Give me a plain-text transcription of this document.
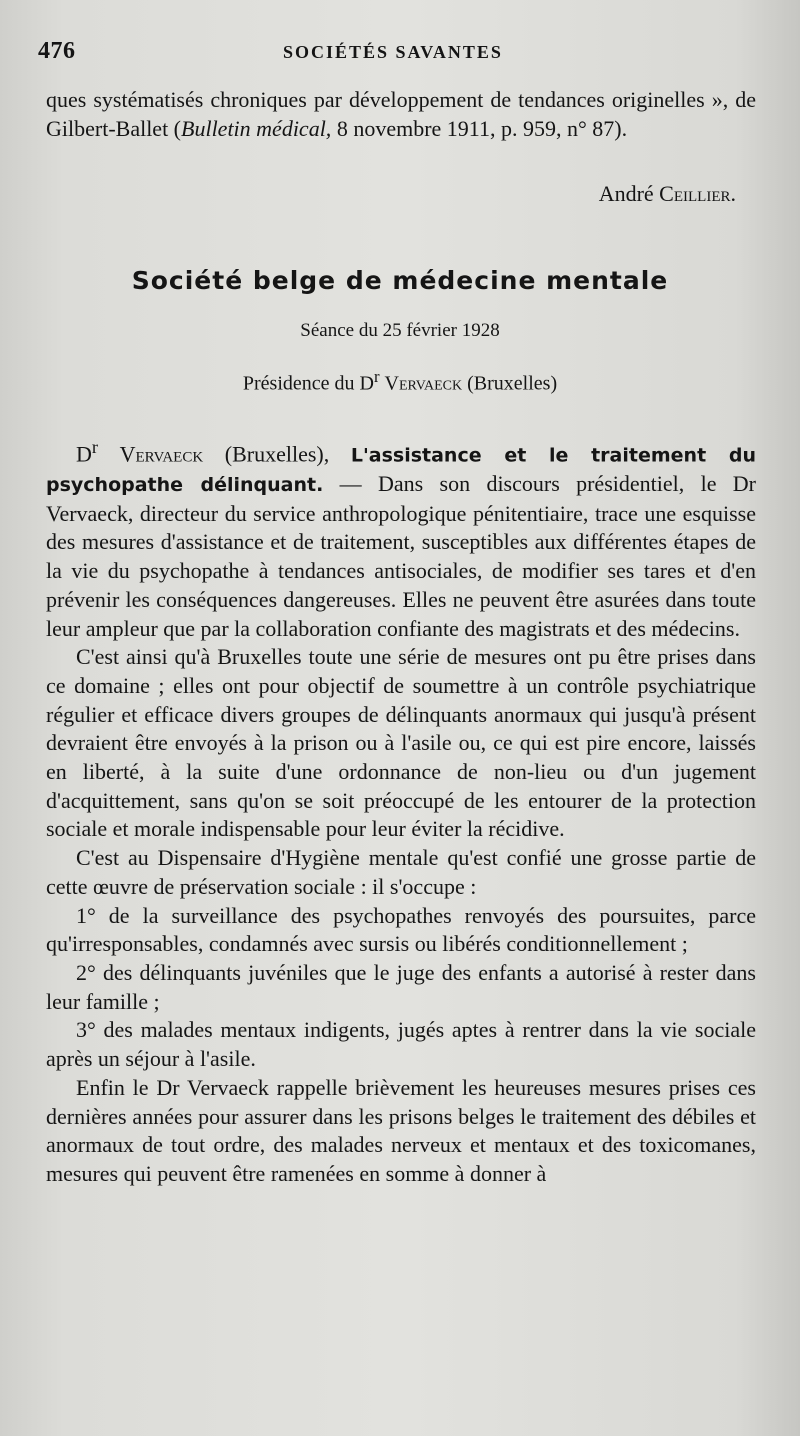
476	SOCIÉTÉS SAVANTES

ques systématisés chroniques par développement de tendances originelles », de Gilbert-Ballet (Bulletin médical, 8 novembre 1911, p. 959, n° 87).

André Ceillier.
Société belge de médecine mentale
Séance du 25 février 1928
Présidence du $D^r$ Vervaeck (Bruxelles)

$D^r$ Vervaeck (Bruxelles), L'assistance et le traitement du psychopathe délinquant. — Dans son discours présidentiel, le Dr Vervaeck, directeur du service anthropologique pénitentiaire, trace une esquisse des mesures d'assistance et de traitement, susceptibles aux différentes étapes de la vie du psychopathe à tendances antisociales, de modifier ses tares et d'en prévenir les conséquences dangereuses. Elles ne peuvent être asurées dans toute leur ampleur que par la collaboration confiante des magistrats et des médecins.

C'est ainsi qu'à Bruxelles toute une série de mesures ont pu être prises dans ce domaine ; elles ont pour objectif de soumettre à un contrôle psychiatrique régulier et efficace divers groupes de délinquants anormaux qui jusqu'à présent devraient être envoyés à la prison ou à l'asile ou, ce qui est pire encore, laissés en liberté, à la suite d'une ordonnance de non-lieu ou d'un jugement d'acquittement, sans qu'on se soit préoccupé de les entourer de la protection sociale et morale indispensable pour leur éviter la récidive.

C'est au Dispensaire d'Hygiène mentale qu'est confié une grosse partie de cette œuvre de préservation sociale : il s'occupe :

1° de la surveillance des psychopathes renvoyés des poursuites, parce qu'irresponsables, condamnés avec sursis ou libérés conditionnellement ;

2° des délinquants juvéniles que le juge des enfants a autorisé à rester dans leur famille ;

3° des malades mentaux indigents, jugés aptes à rentrer dans la vie sociale après un séjour à l'asile.

Enfin le Dr Vervaeck rappelle brièvement les heureuses mesures prises ces dernières années pour assurer dans les prisons belges le traitement des débiles et anormaux de tout ordre, des malades nerveux et mentaux et des toxicomanes, mesures qui peuvent être ramenées en somme à donner à
